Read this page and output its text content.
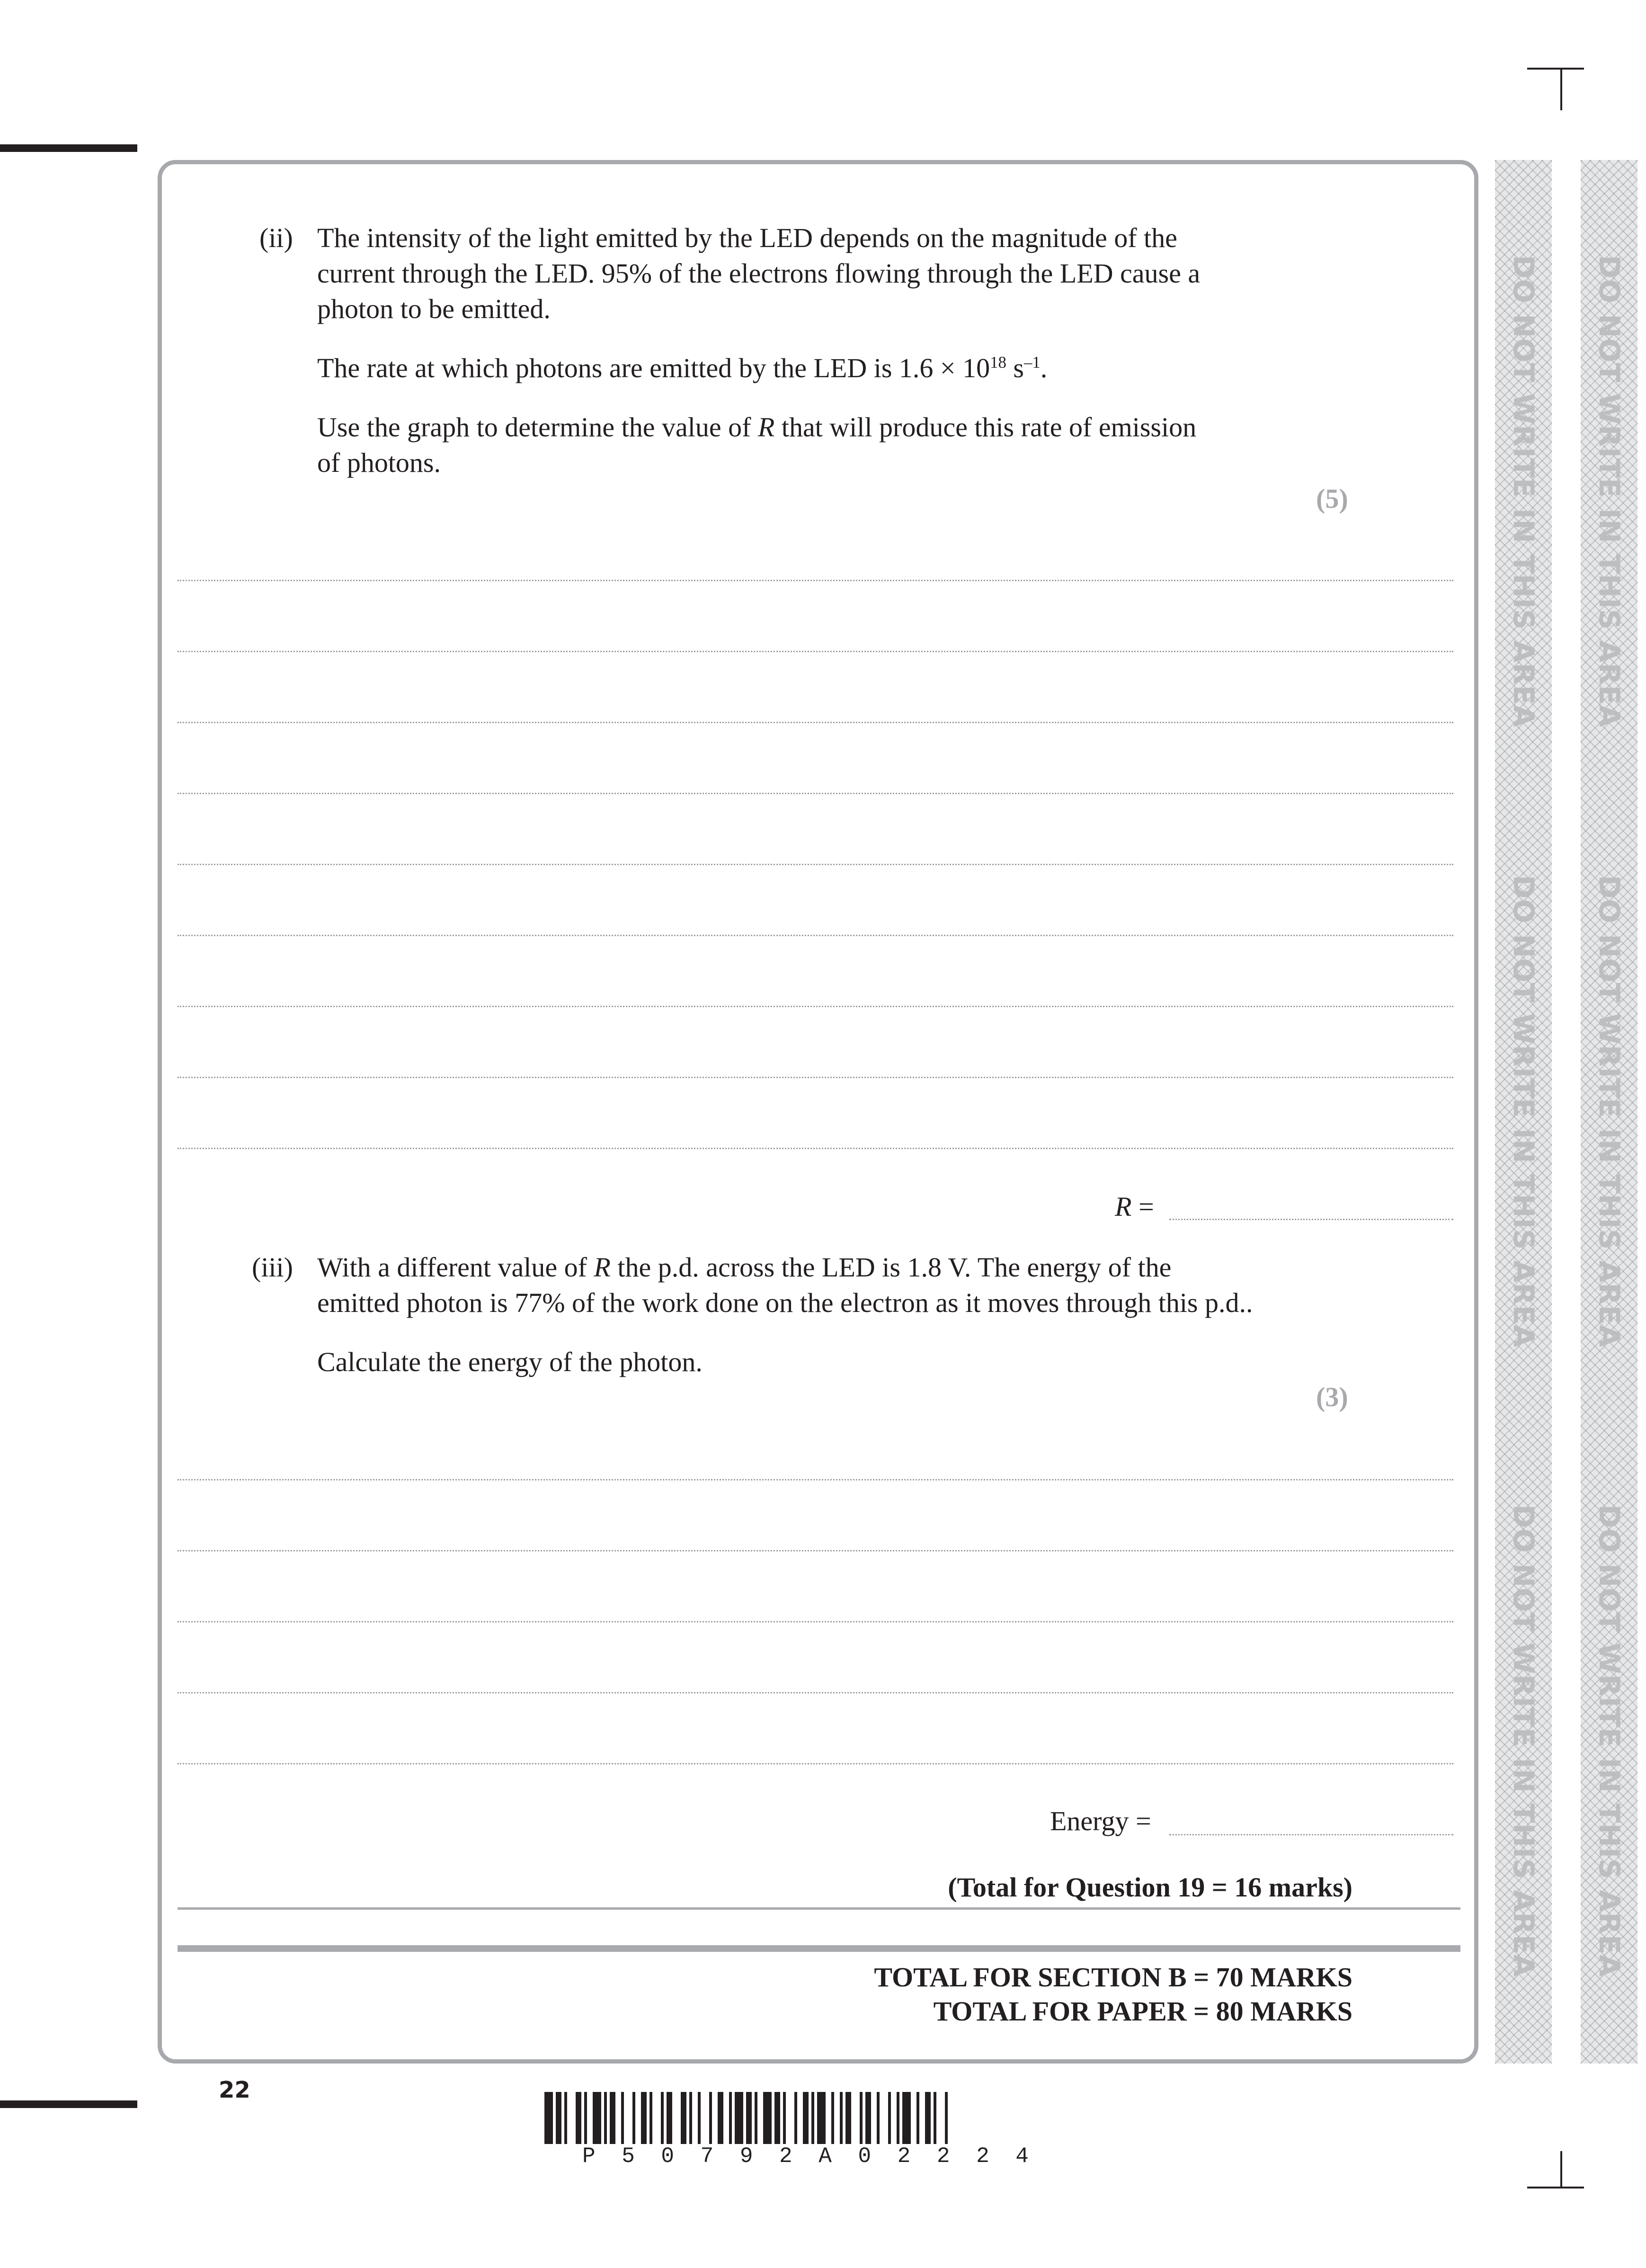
DO NOT WRITE IN THIS AREA
DO NOT WRITE IN THIS AREA
DO NOT WRITE IN THIS AREA
DO NOT WRITE IN THIS AREA
DO NOT WRITE IN THIS AREA
DO NOT WRITE IN THIS AREA
(ii) The intensity of the light emitted by the LED depends on the magnitude of the
current through the LED. 95% of the electrons flowing through the LED cause a
photon to be emitted.
The rate at which photons are emitted by the LED is $1.6 \times 10^{18}$ $s^{-1}$.
Use the graph to determine the value of R that will produce this rate of emission
of photons.
(5)
R =
(iii) With a different value of R the p.d. across the LED is 1.8 V. The energy of the
emitted photon is 77% of the work done on the electron as it moves through this p.d..
Calculate the energy of the photon.
(3)
Energy =
(Total for Question 19 = 16 marks)
TOTAL FOR SECTION B = 70 MARKS
TOTAL FOR PAPER = 80 MARKS
22
P 5 0 7 9 2 A 0 2 2 2 4
